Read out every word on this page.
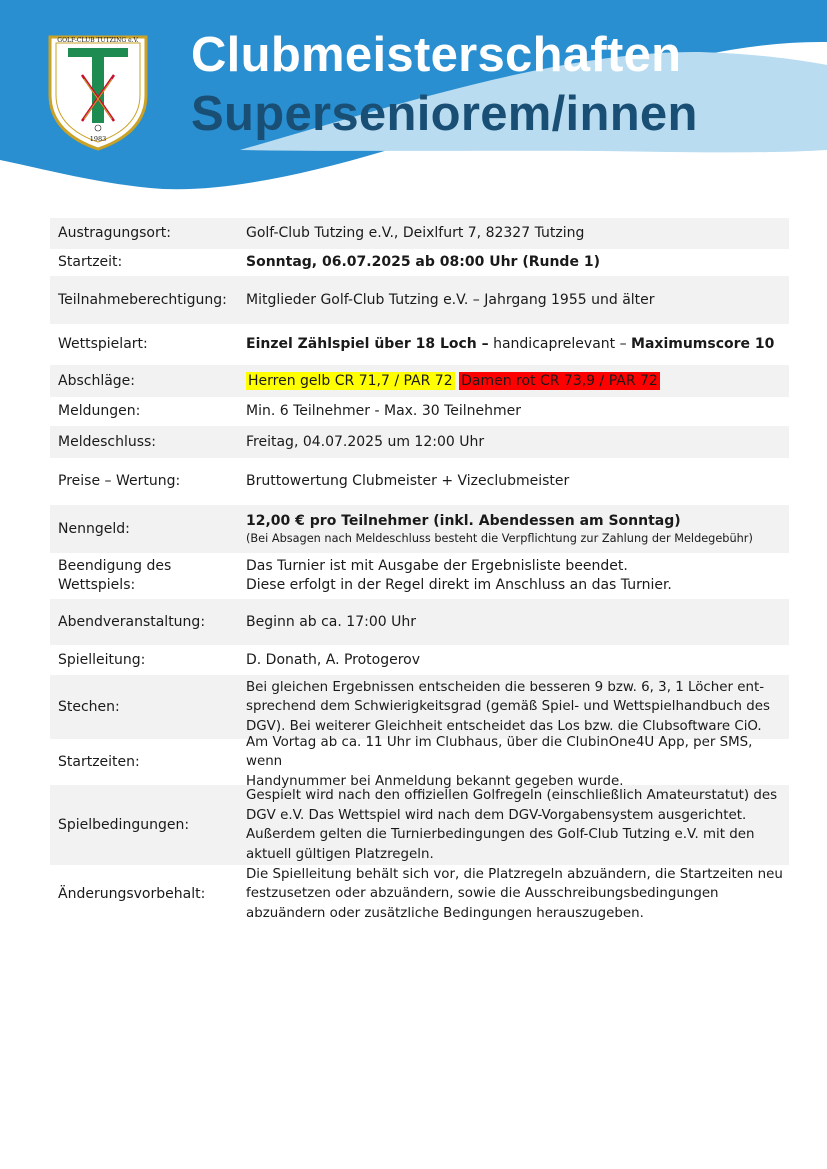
GOLF-CLUB TUTZING e.V.
1983
Clubmeisterschaften
Superseniorem/innen
Austragungsort:	Golf-Club Tutzing e.V., Deixlfurt 7, 82327 Tutzing
Startzeit:	Sonntag, 06.07.2025 ab 08:00 Uhr (Runde 1)
Teilnahmeberechtigung:	Mitglieder Golf-Club Tutzing e.V. – Jahrgang 1955 und älter
Wettspielart:	Einzel Zählspiel über 18 Loch – handicaprelevant – Maximumscore 10
Abschläge:	Herren gelb CR 71,7 / PAR 72 Damen rot CR 73,9 / PAR 72
Meldungen:	Min. 6 Teilnehmer - Max. 30 Teilnehmer
Meldeschluss:	Freitag, 04.07.2025 um 12:00 Uhr
Preise – Wertung:	Bruttowertung Clubmeister + Vizeclubmeister
Nenngeld:	12,00 € pro Teilnehmer (inkl. Abendessen am Sonntag)
(Bei Absagen nach Meldeschluss besteht die Verpflichtung zur Zahlung der Meldegebühr)
Beendigung des
Wettspiels:
Das Turnier ist mit Ausgabe der Ergebnisliste beendet.
Diese erfolgt in der Regel direkt im Anschluss an das Turnier.
Abendveranstaltung:	Beginn ab ca. 17:00 Uhr
Spielleitung:	D. Donath, A. Protogerov
Stechen:
Bei gleichen Ergebnissen entscheiden die besseren 9 bzw. 6, 3, 1 Löcher ent-
sprechend dem Schwierigkeitsgrad (gemäß Spiel- und Wettspielhandbuch des
DGV). Bei weiterer Gleichheit entscheidet das Los bzw. die Clubsoftware CiO.
Startzeiten:
Am Vortag ab ca. 11 Uhr im Clubhaus, über die ClubinOne4U App, per SMS, wenn
Handynummer bei Anmeldung bekannt gegeben wurde.
Spielbedingungen:
Gespielt wird nach den offiziellen Golfregeln (einschließlich Amateurstatut) des
DGV e.V. Das Wettspiel wird nach dem DGV-Vorgabensystem ausgerichtet.
Außerdem gelten die Turnierbedingungen des Golf-Club Tutzing e.V. mit den
aktuell gültigen Platzregeln.
Änderungsvorbehalt:
Die Spielleitung behält sich vor, die Platzregeln abzuändern, die Startzeiten neu
festzusetzen oder abzuändern, sowie die Ausschreibungsbedingungen
abzuändern oder zusätzliche Bedingungen herauszugeben.
